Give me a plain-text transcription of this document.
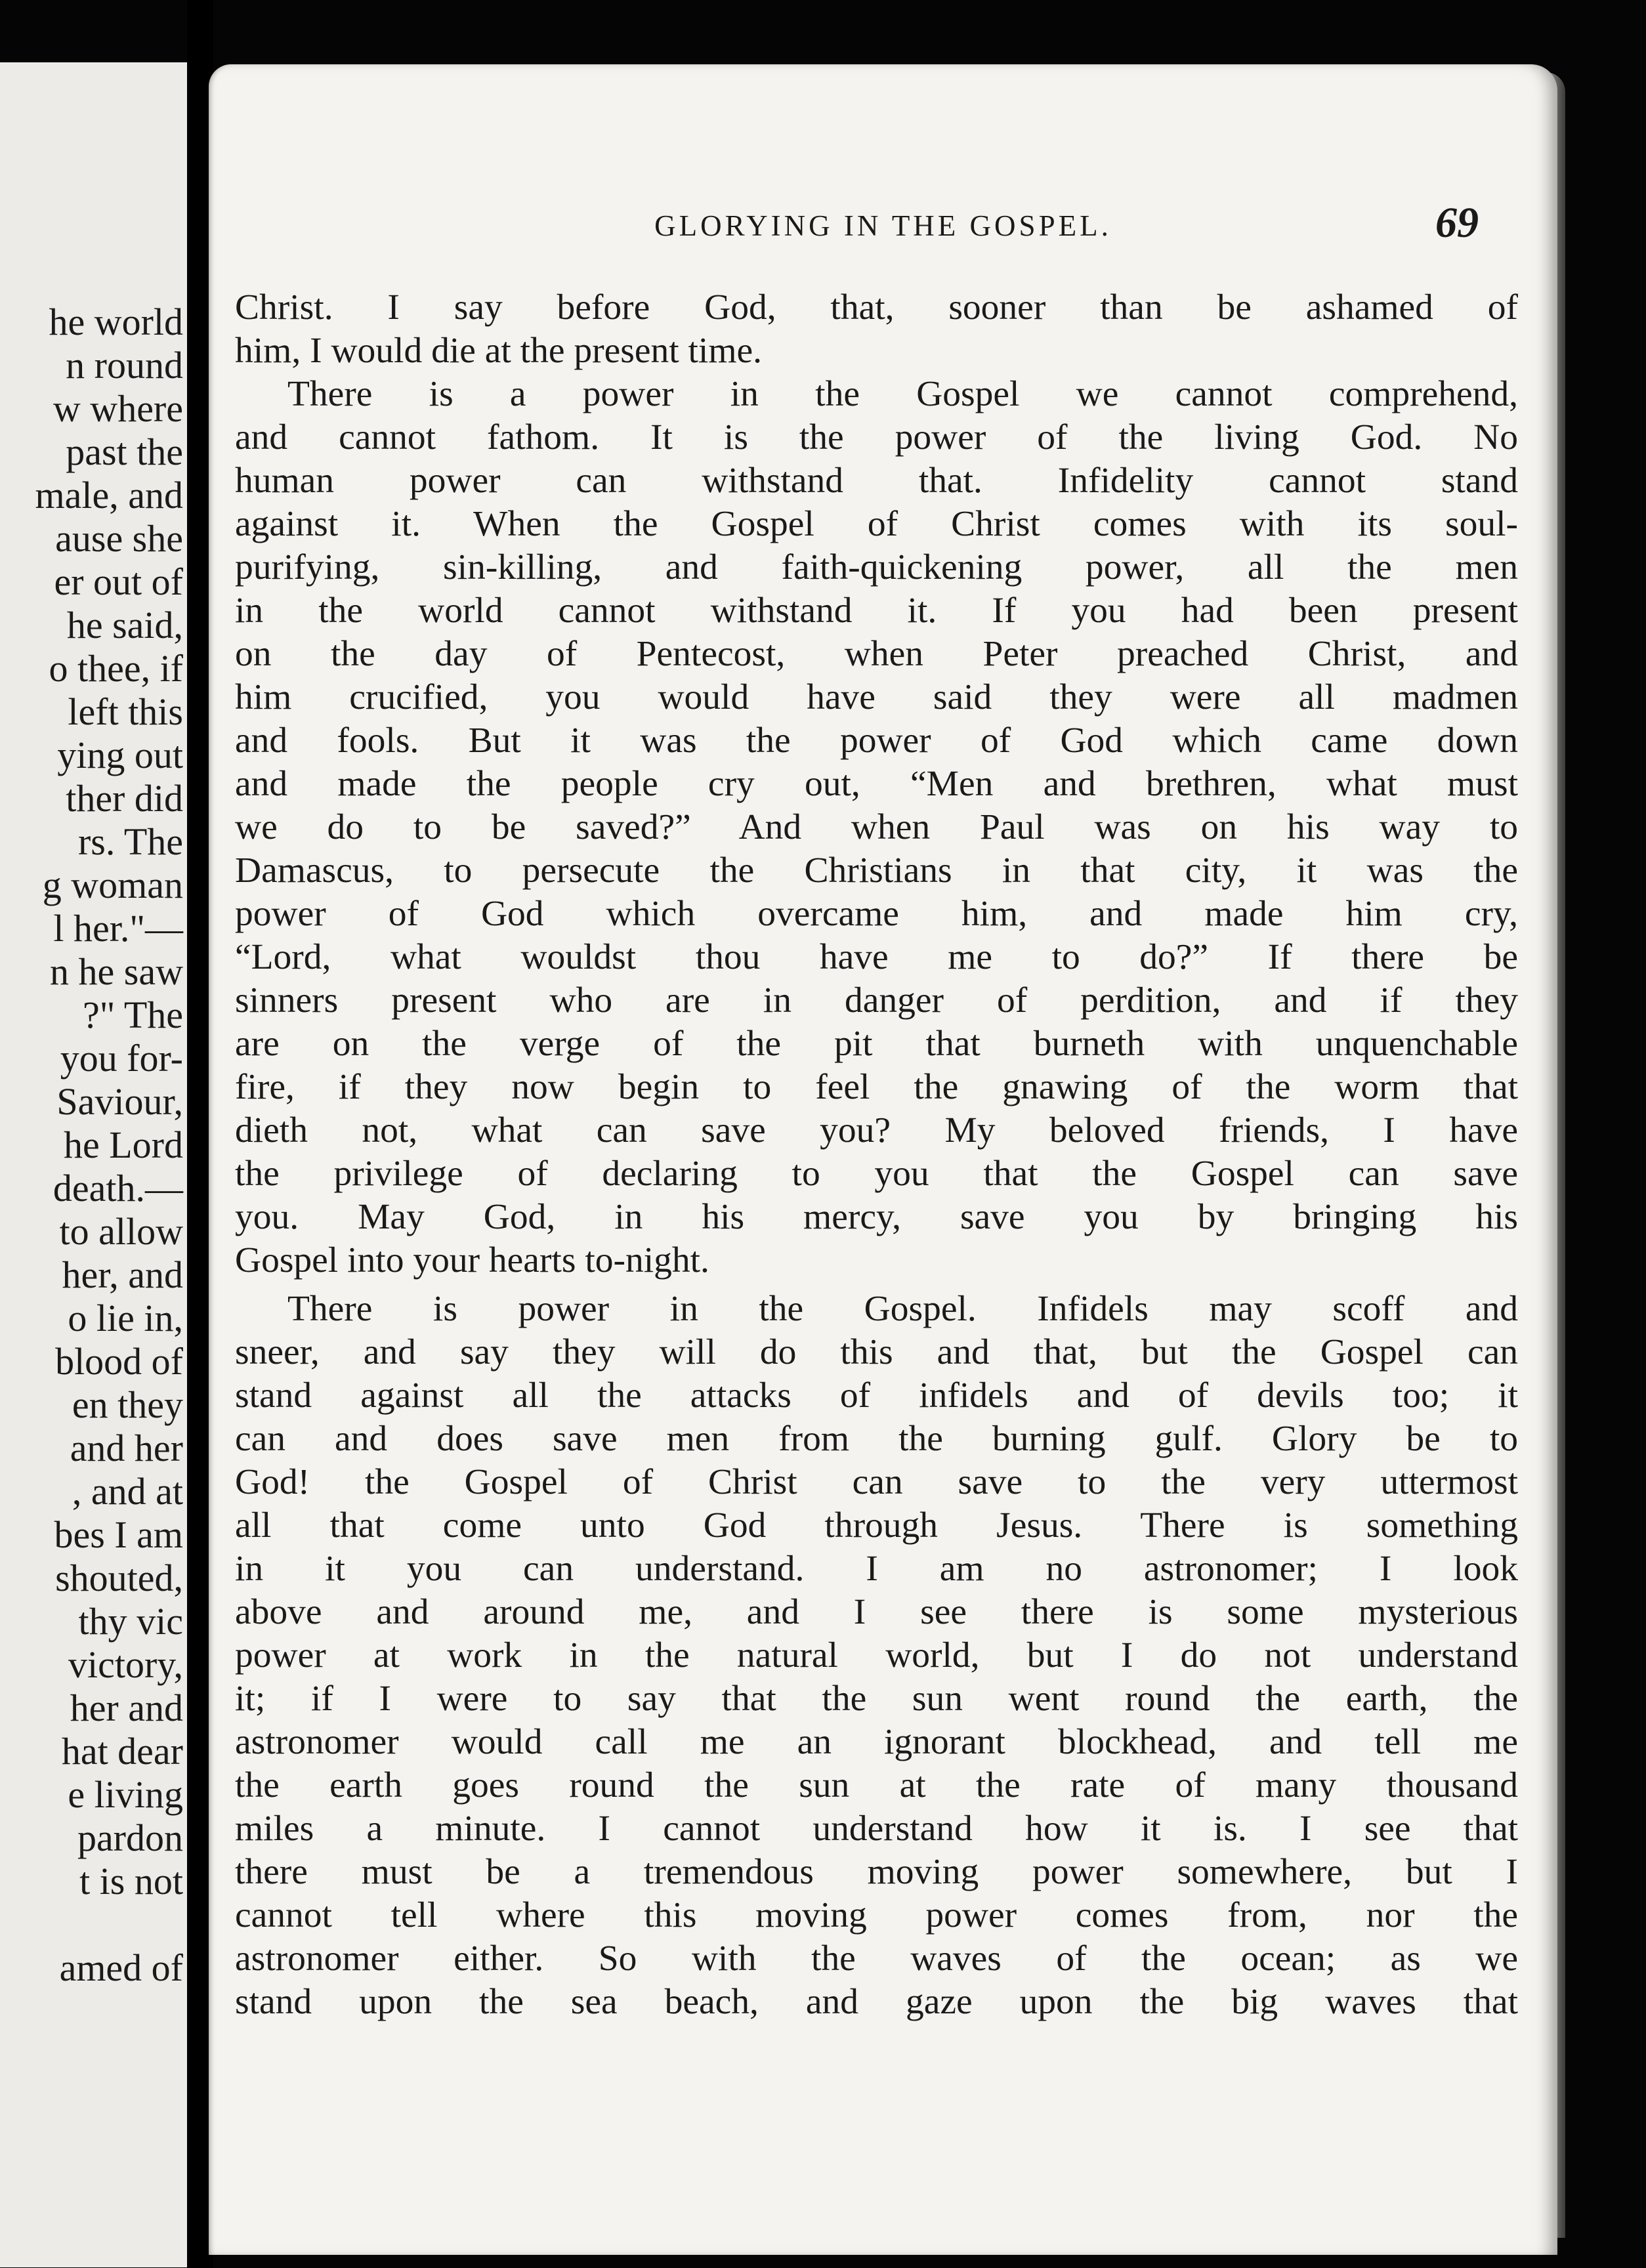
he world
n round
w where
past the
male, and
ause she
er out of
he said,
o thee, if
left this
ying out
ther did
rs. The
g woman
l her."—
n he saw
?" The
you for-
Saviour,
he Lord
death.—
to allow
her, and
o lie in,
blood of
en they
and her
, and at
bes I am
shouted,
thy vic
victory,
her and
hat dear
e living
pardon
t is not
amed of
GLORYING IN THE GOSPEL.	69
Christ. I say before God, that, sooner than be ashamed of
him, I would die at the present time.
There is a power in the Gospel we cannot comprehend,
and cannot fathom. It is the power of the living God. No
human power can withstand that. Infidelity cannot stand
against it. When the Gospel of Christ comes with its soul-
purifying, sin-killing, and faith-quickening power, all the men
in the world cannot withstand it. If you had been present
on the day of Pentecost, when Peter preached Christ, and
him crucified, you would have said they were all madmen
and fools. But it was the power of God which came down
and made the people cry out, “Men and brethren, what must
we do to be saved?” And when Paul was on his way to
Damascus, to persecute the Christians in that city, it was the
power of God which overcame him, and made him cry,
“Lord, what wouldst thou have me to do?” If there be
sinners present who are in danger of perdition, and if they
are on the verge of the pit that burneth with unquenchable
fire, if they now begin to feel the gnawing of the worm that
dieth not, what can save you? My beloved friends, I have
the privilege of declaring to you that the Gospel can save
you. May God, in his mercy, save you by bringing his
Gospel into your hearts to-night.
There is power in the Gospel. Infidels may scoff and
sneer, and say they will do this and that, but the Gospel can
stand against all the attacks of infidels and of devils too; it
can and does save men from the burning gulf. Glory be to
God! the Gospel of Christ can save to the very uttermost
all that come unto God through Jesus. There is something
in it you can understand. I am no astronomer; I look
above and around me, and I see there is some mysterious
power at work in the natural world, but I do not understand
it; if I were to say that the sun went round the earth, the
astronomer would call me an ignorant blockhead, and tell me
the earth goes round the sun at the rate of many thousand
miles a minute. I cannot understand how it is. I see that
there must be a tremendous moving power somewhere, but I
cannot tell where this moving power comes from, nor the
astronomer either. So with the waves of the ocean; as we
stand upon the sea beach, and gaze upon the big waves that
